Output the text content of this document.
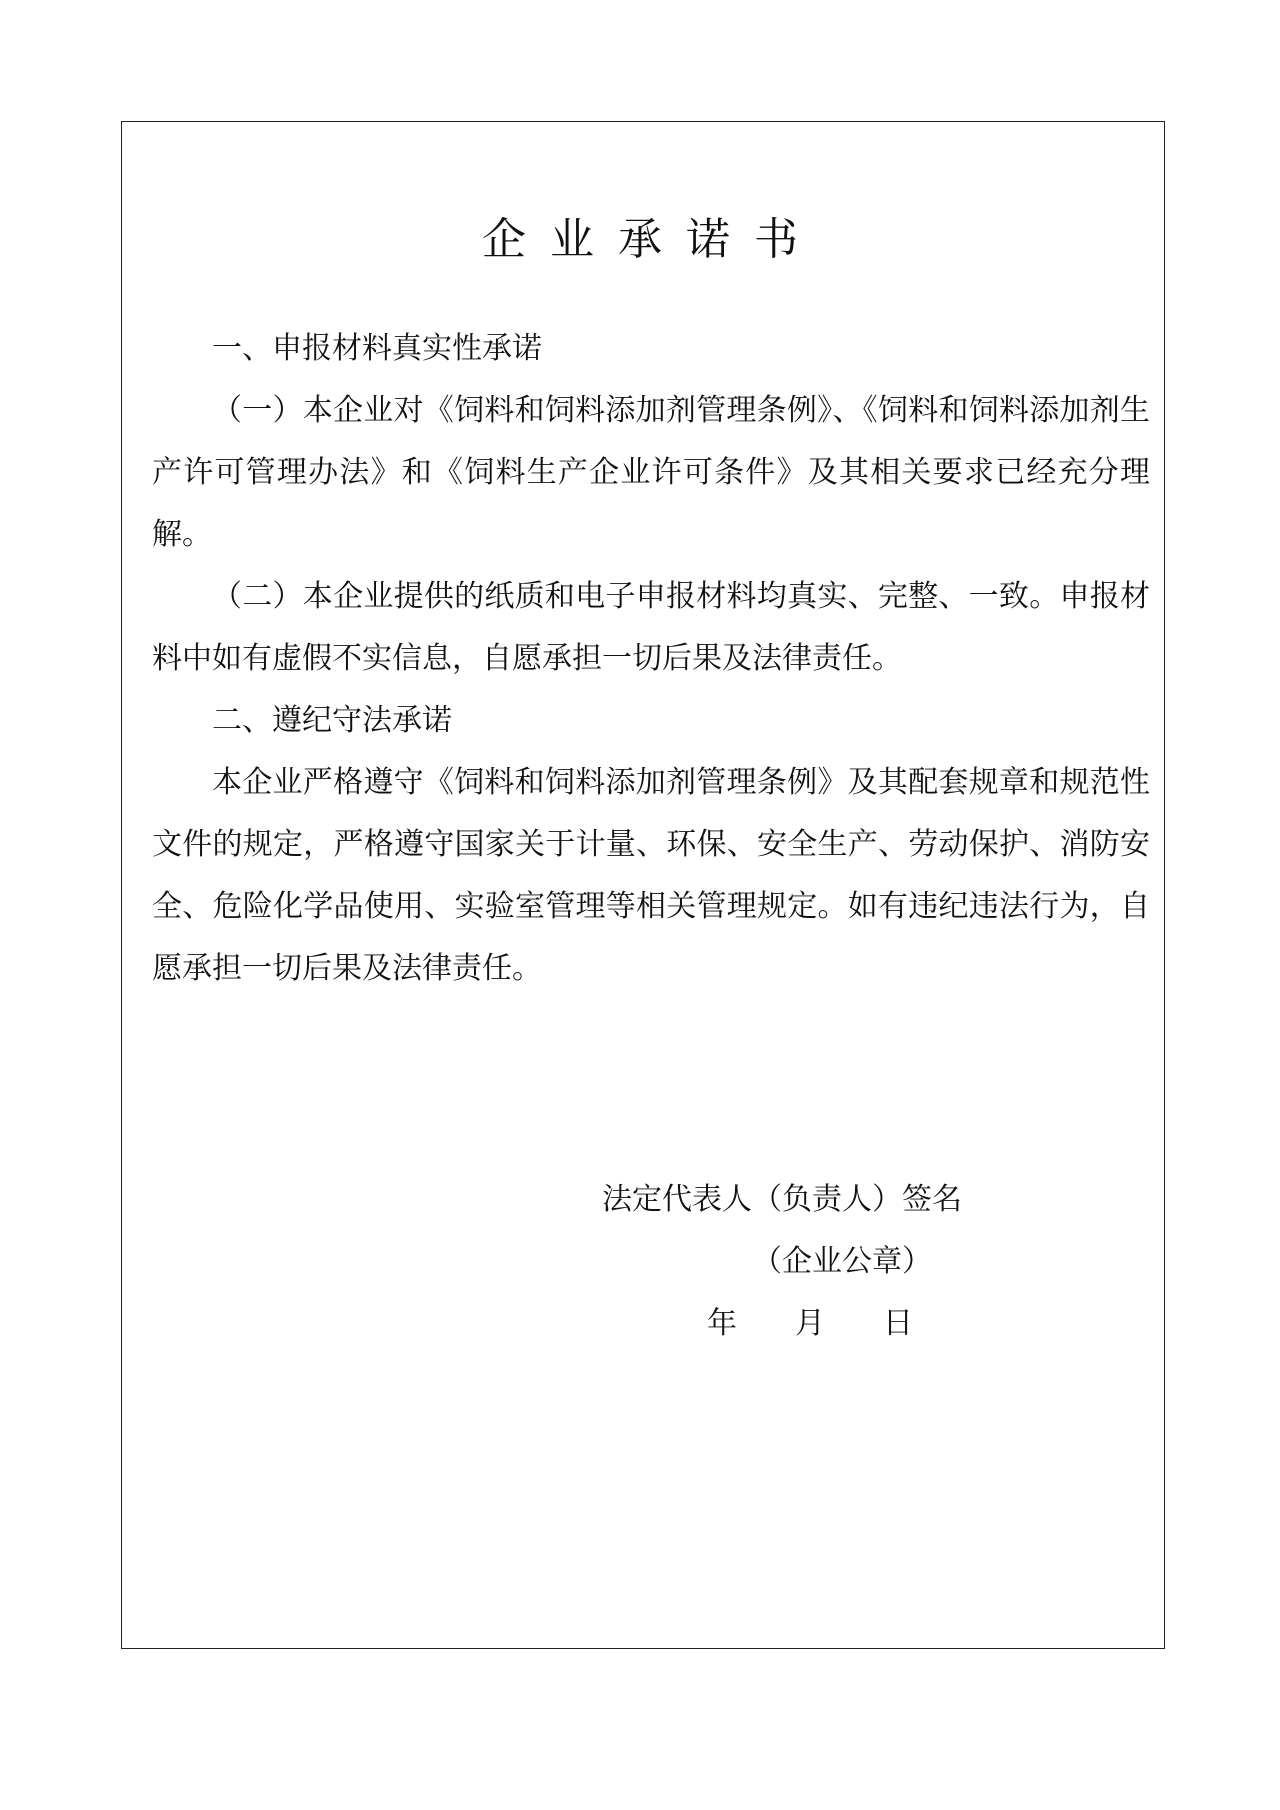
企业承诺书

一、申报材料真实性承诺

（一）本企业对《饲料和饲料添加剂管理条例》、《饲料和饲料添加剂生产许可管理办法》和《饲料生产企业许可条件》及其相关要求已经充分理解。

（二）本企业提供的纸质和电子申报材料均真实、完整、一致。申报材料中如有虚假不实信息，自愿承担一切后果及法律责任。

二、遵纪守法承诺

本企业严格遵守《饲料和饲料添加剂管理条例》及其配套规章和规范性文件的规定，严格遵守国家关于计量、环保、安全生产、劳动保护、消防安全、危险化学品使用、实验室管理等相关管理规定。如有违纪违法行为，自愿承担一切后果及法律责任。

法定代表人（负责人）签名
（企业公章）
年 月 日
